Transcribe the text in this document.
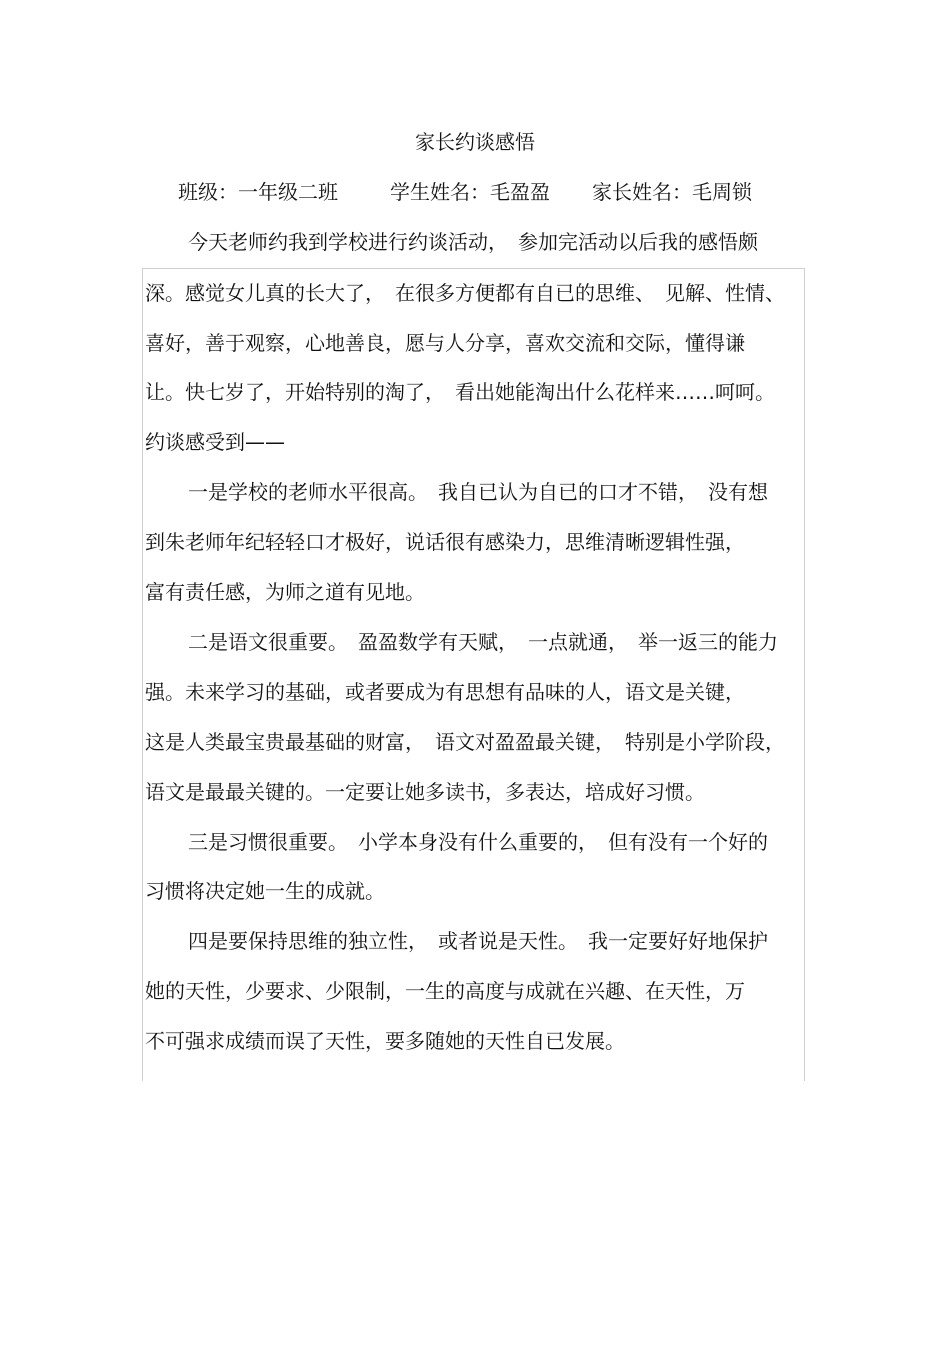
家长约谈感悟
班级：一年级二班	学生姓名：毛盈盈 家长姓名：毛周锁
今天老师约我到学校进行约谈活动，　参加完活动以后我的感悟颇
深。感觉女儿真的长大了，　在很多方便都有自已的思维、　见解、性情、
喜好，善于观察，心地善良，愿与人分享，喜欢交流和交际，懂得谦
让。快七岁了，开始特别的淘了，　看出她能淘出什么花样来……呵呵。
约谈感受到——
一是学校的老师水平很高。　我自已认为自已的口才不错，　没有想
到朱老师年纪轻轻口才极好，说话很有感染力，思维清晰逻辑性强，
富有责任感，为师之道有见地。
二是语文很重要。　盈盈数学有天赋，　一点就通，　举一返三的能力
强。未来学习的基础，或者要成为有思想有品味的人，语文是关键，
这是人类最宝贵最基础的财富，　语文对盈盈最关键，　特别是小学阶段，
语文是最最关键的。一定要让她多读书，多表达，培成好习惯。
三是习惯很重要。　小学本身没有什么重要的，　但有没有一个好的
习惯将决定她一生的成就。
四是要保持思维的独立性，　或者说是天性。　我一定要好好地保护
她的天性，少要求、少限制，一生的高度与成就在兴趣、在天性，万
不可强求成绩而误了天性，要多随她的天性自已发展。
